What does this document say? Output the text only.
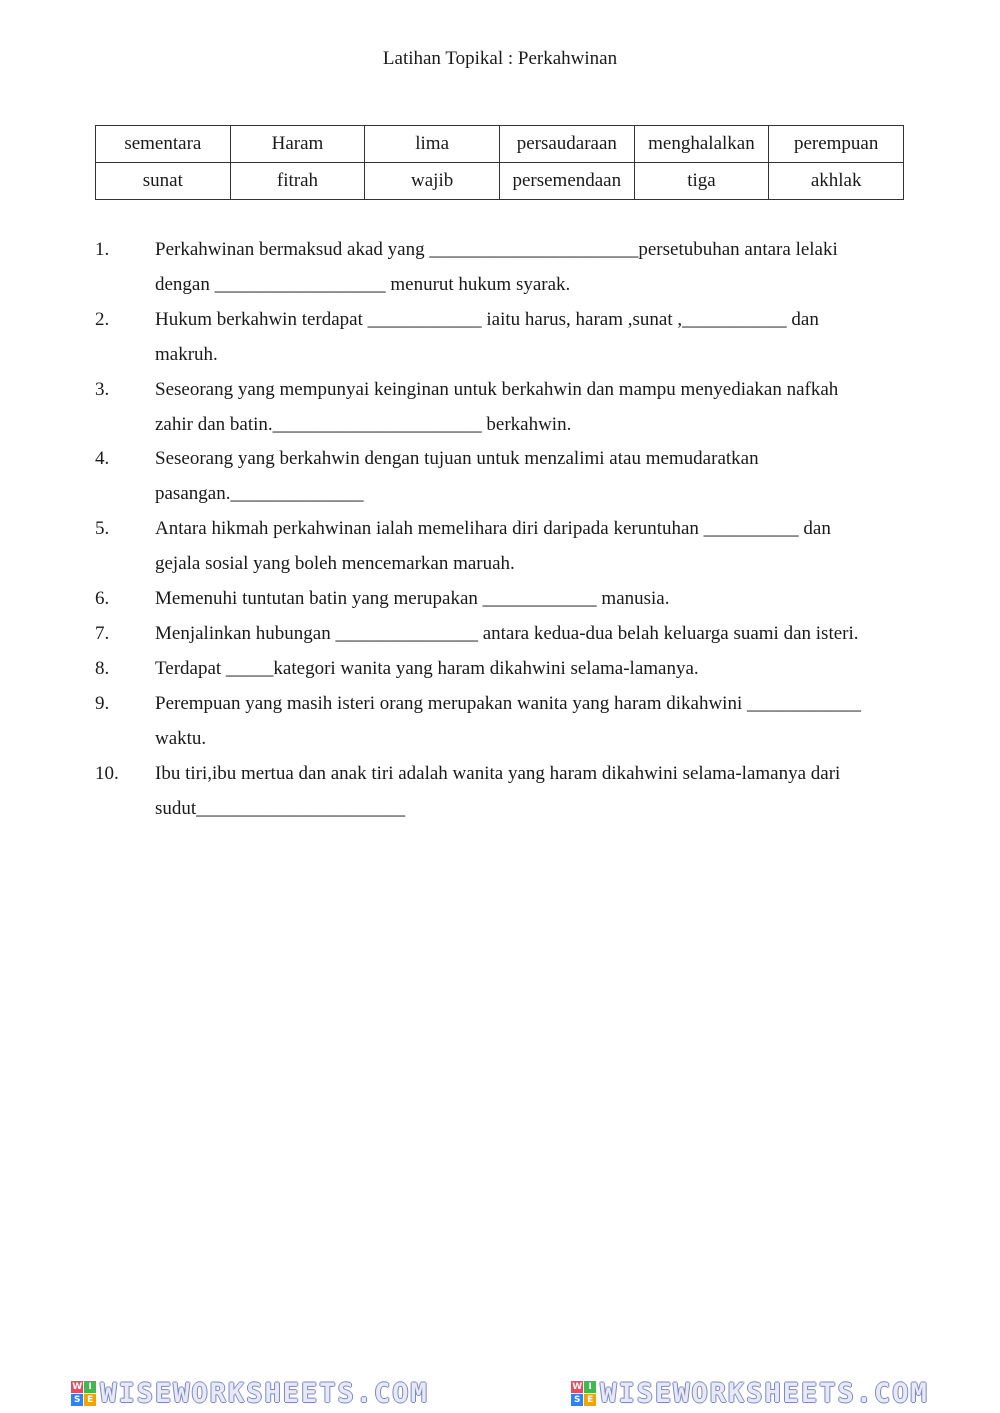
Latihan Topikal : Perkahwinan
sementara	Haram	lima	persaudaraan	menghalalkan	perempuan
sunat	fitrah	wajib	persemendaan	tiga	akhlak
1.	Perkahwinan bermaksud akad yang ______________________persetubuhan antara lelaki
dengan __________________ menurut hukum syarak.
2.	Hukum berkahwin terdapat ____________ iaitu harus, haram ,sunat ,___________ dan
makruh.
3.	Seseorang yang mempunyai keinginan untuk berkahwin dan mampu menyediakan nafkah
zahir dan batin.______________________ berkahwin.
4.	Seseorang yang berkahwin dengan tujuan untuk menzalimi atau memudaratkan
pasangan.______________
5.	Antara hikmah perkahwinan ialah memelihara diri daripada keruntuhan __________ dan
gejala sosial yang boleh mencemarkan maruah.
6.	Memenuhi tuntutan batin yang merupakan ____________ manusia.
7.	Menjalinkan hubungan _______________ antara kedua-dua belah keluarga suami dan isteri.
8.	Terdapat _____kategori wanita yang haram dikahwini selama-lamanya.
9.	Perempuan yang masih isteri orang merupakan wanita yang haram dikahwini ____________
waktu.
10.	Ibu tiri,ibu mertua dan anak tiri adalah wanita yang haram dikahwini selama-lamanya dari
sudut______________________
W I
S E WISEWORKSHEETS.COM	W I
S E WISEWORKSHEETS.COM
